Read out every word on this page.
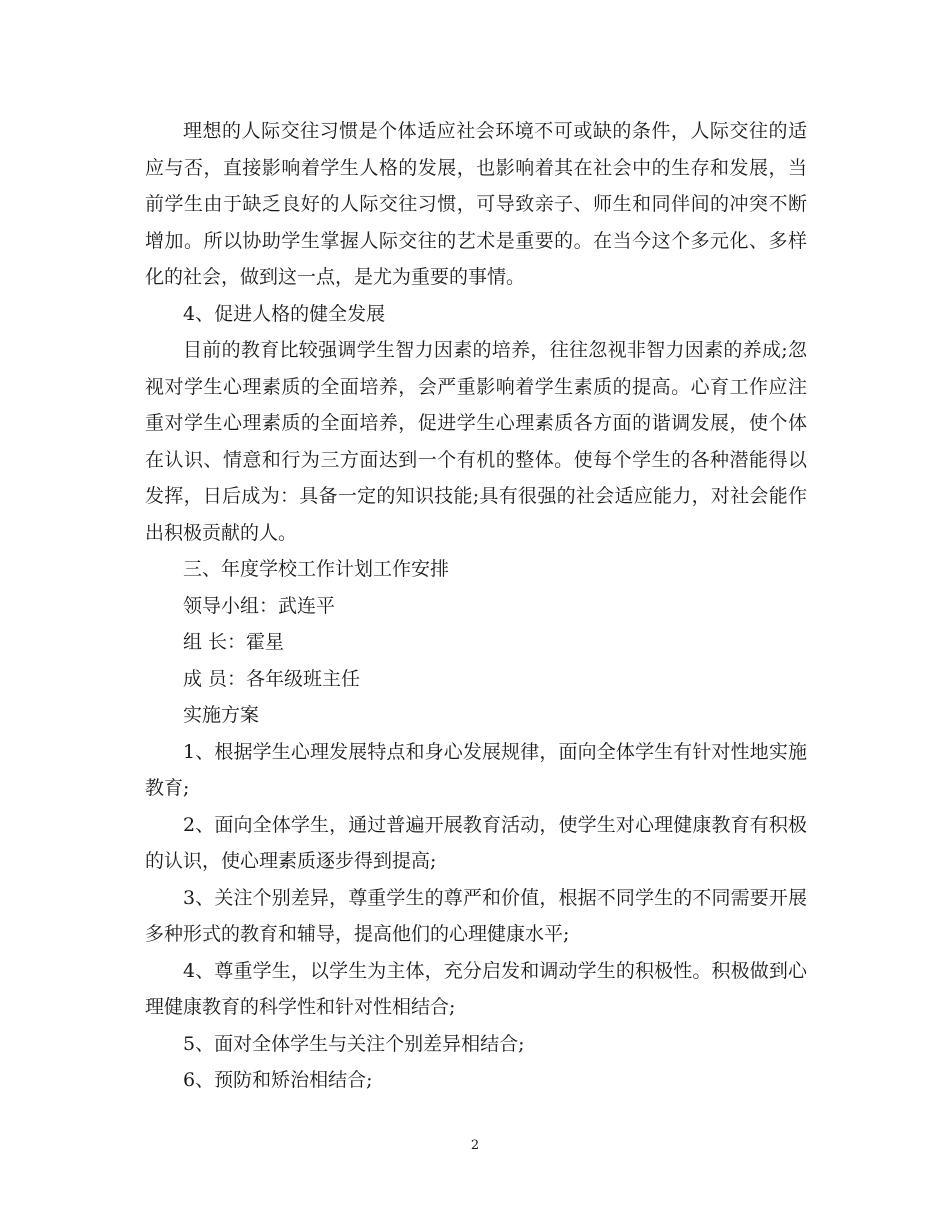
理想的人际交往习惯是个体适应社会环境不可或缺的条件，人际交往的适应与否，直接影响着学生人格的发展，也影响着其在社会中的生存和发展，当前学生由于缺乏良好的人际交往习惯，可导致亲子、师生和同伴间的冲突不断增加。所以协助学生掌握人际交往的艺术是重要的。在当今这个多元化、多样化的社会，做到这一点，是尤为重要的事情。

4、促进人格的健全发展

目前的教育比较强调学生智力因素的培养，往往忽视非智力因素的养成;忽视对学生心理素质的全面培养，会严重影响着学生素质的提高。心育工作应注重对学生心理素质的全面培养，促进学生心理素质各方面的谐调发展，使个体在认识、情意和行为三方面达到一个有机的整体。使每个学生的各种潜能得以发挥，日后成为：具备一定的知识技能;具有很强的社会适应能力，对社会能作出积极贡献的人。

三、年度学校工作计划工作安排

领导小组：武连平

组 长：霍星

成 员：各年级班主任

实施方案

1、根据学生心理发展特点和身心发展规律，面向全体学生有针对性地实施教育;

2、面向全体学生，通过普遍开展教育活动，使学生对心理健康教育有积极的认识，使心理素质逐步得到提高;

3、关注个别差异，尊重学生的尊严和价值，根据不同学生的不同需要开展多种形式的教育和辅导，提高他们的心理健康水平;

4、尊重学生，以学生为主体，充分启发和调动学生的积极性。积极做到心理健康教育的科学性和针对性相结合;

5、面对全体学生与关注个别差异相结合;

6、预防和矫治相结合;

2
